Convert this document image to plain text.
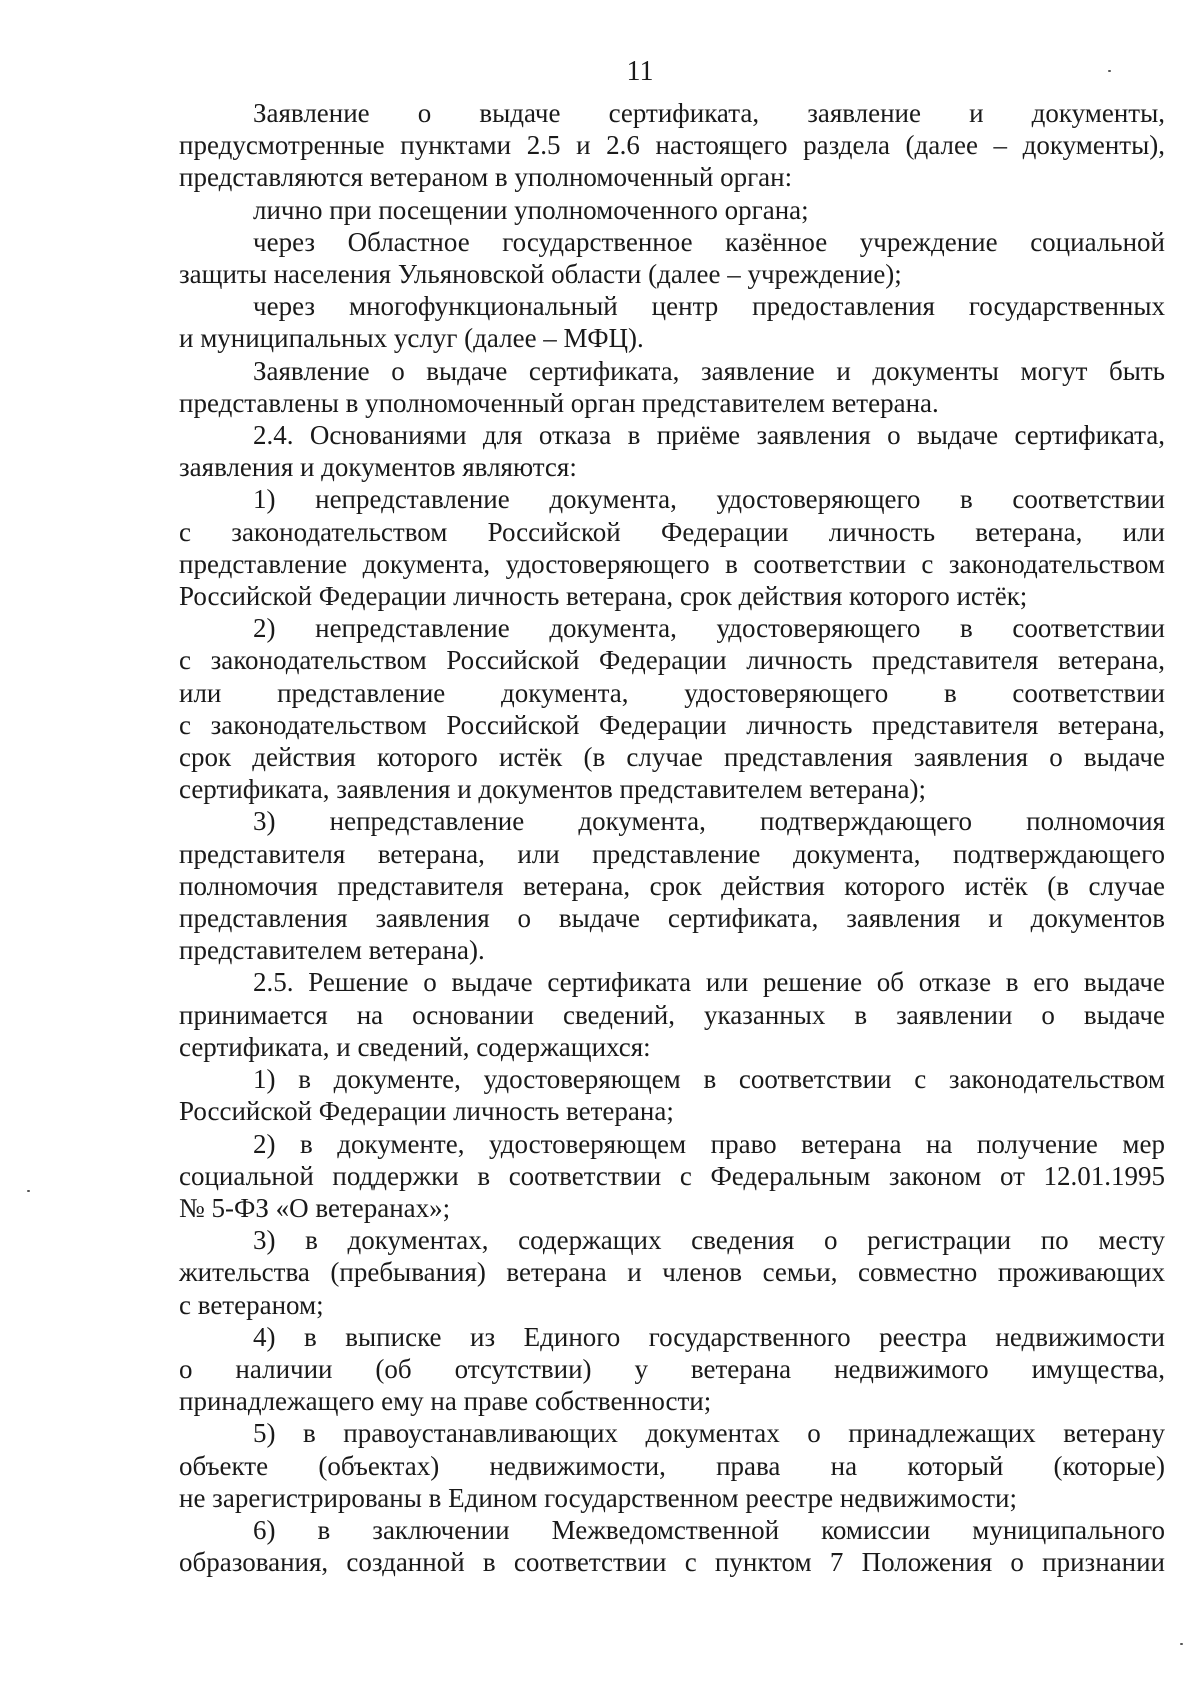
11
Заявление о выдаче сертификата, заявление и документы,
предусмотренные пунктами 2.5 и 2.6 настоящего раздела (далее – документы),
представляются ветераном в уполномоченный орган:
лично при посещении уполномоченного органа;
через Областное государственное казённое учреждение социальной
защиты населения Ульяновской области (далее – учреждение);
через многофункциональный центр предоставления государственных
и муниципальных услуг (далее – МФЦ).
Заявление о выдаче сертификата, заявление и документы могут быть
представлены в уполномоченный орган представителем ветерана.
2.4. Основаниями для отказа в приёме заявления о выдаче сертификата,
заявления и документов являются:
1) непредставление документа, удостоверяющего в соответствии
с законодательством Российской Федерации личность ветерана, или
представление документа, удостоверяющего в соответствии с законодательством
Российской Федерации личность ветерана, срок действия которого истёк;
2) непредставление документа, удостоверяющего в соответствии
с законодательством Российской Федерации личность представителя ветерана,
или представление документа, удостоверяющего в соответствии
с законодательством Российской Федерации личность представителя ветерана,
срок действия которого истёк (в случае представления заявления о выдаче
сертификата, заявления и документов представителем ветерана);
3) непредставление документа, подтверждающего полномочия
представителя ветерана, или представление документа, подтверждающего
полномочия представителя ветерана, срок действия которого истёк (в случае
представления заявления о выдаче сертификата, заявления и документов
представителем ветерана).
2.5. Решение о выдаче сертификата или решение об отказе в его выдаче
принимается на основании сведений, указанных в заявлении о выдаче
сертификата, и сведений, содержащихся:
1) в документе, удостоверяющем в соответствии с законодательством
Российской Федерации личность ветерана;
2) в документе, удостоверяющем право ветерана на получение мер
социальной поддержки в соответствии с Федеральным законом от 12.01.1995
№ 5-ФЗ «О ветеранах»;
3) в документах, содержащих сведения о регистрации по месту
жительства (пребывания) ветерана и членов семьи, совместно проживающих
с ветераном;
4) в выписке из Единого государственного реестра недвижимости
о наличии (об отсутствии) у ветерана недвижимого имущества,
принадлежащего ему на праве собственности;
5) в правоустанавливающих документах о принадлежащих ветерану
объекте (объектах) недвижимости, права на который (которые)
не зарегистрированы в Едином государственном реестре недвижимости;
6) в заключении Межведомственной комиссии муниципального
образования, созданной в соответствии с пунктом 7 Положения о признании
